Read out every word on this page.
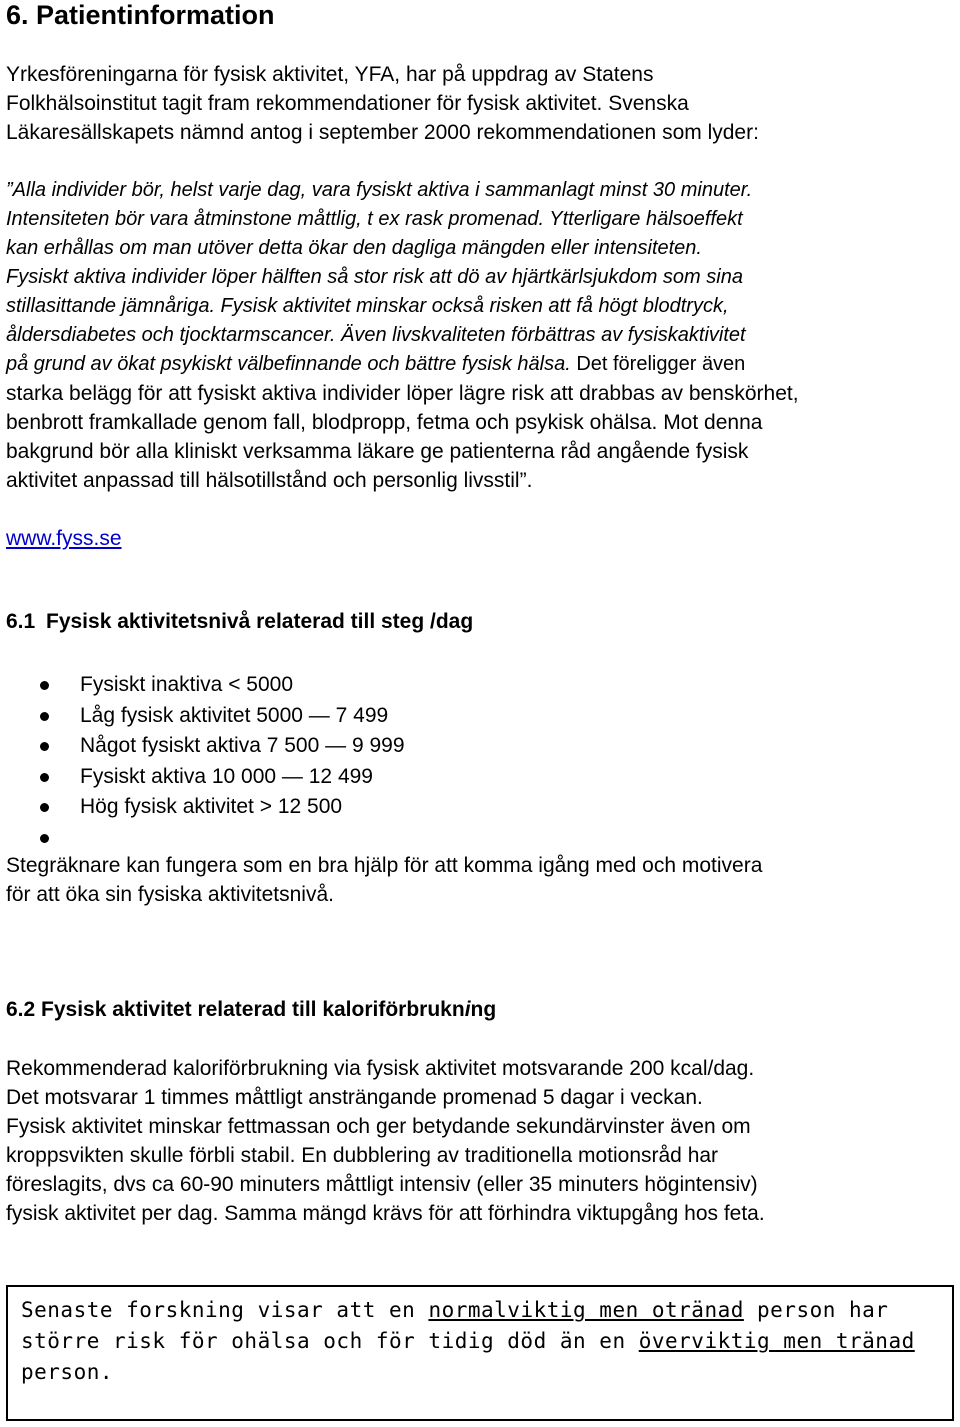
6. Patientinformation

Yrkesföreningarna för fysisk aktivitet, YFA, har på uppdrag av Statens

Folkhälsoinstitut tagit fram rekommendationer för fysisk aktivitet. Svenska

Läkaresällskapets nämnd antog i september 2000 rekommendationen som lyder:

”Alla individer bör, helst varje dag, vara fysiskt aktiva i sammanlagt minst 30 minuter.
Intensiteten bör vara åtminstone måttlig, t ex rask promenad. Ytterligare hälsoeffekt
kan erhållas om man utöver detta ökar den dagliga mängden eller intensiteten.
Fysiskt aktiva individer löper hälften så stor risk att dö av hjärtkärlsjukdom som sina
stillasittande jämnåriga. Fysisk aktivitet minskar också risken att få högt blodtryck,
åldersdiabetes och tjocktarmscancer. Även livskvaliteten förbättras av fysiskaktivitet
på grund av ökat psykiskt välbefinnande och bättre fysisk hälsa. Det föreligger även
starka belägg för att fysiskt aktiva individer löper lägre risk att drabbas av benskörhet,
benbrott framkallade genom fall, blodpropp, fetma och psykisk ohälsa. Mot denna
bakgrund bör alla kliniskt verksamma läkare ge patienterna råd angående fysisk
aktivitet anpassad till hälsotillstånd och personlig livsstil”.
www.fyss.se
6.1 Fysisk aktivitetsnivå relaterad till steg /dag
Fysiskt inaktiva < 5000
Låg fysisk aktivitet 5000 — 7 499
Något fysiskt aktiva 7 500 — 9 999
Fysiskt aktiva 10 000 — 12 499
Hög fysisk aktivitet > 12 500

Stegräknare kan fungera som en bra hjälp för att komma igång med och motivera

för att öka sin fysiska aktivitetsnivå.

6.2 Fysisk aktivitet relaterad till kaloriförbrukning

Rekommenderad kaloriförbrukning via fysisk aktivitet motsvarande 200 kcal/dag.

Det motsvarar 1 timmes måttligt ansträngande promenad 5 dagar i veckan.

Fysisk aktivitet minskar fettmassan och ger betydande sekundärvinster även om

kroppsvikten skulle förbli stabil. En dubblering av traditionella motionsråd har

föreslagits, dvs ca 60-90 minuters måttligt intensiv (eller 35 minuters högintensiv)

fysisk aktivitet per dag. Samma mängd krävs för att förhindra viktupgång hos feta.

Senaste forskning visar att en normalviktig men otränad person har
större risk för ohälsa och för tidig död än en överviktig men tränad
person.
